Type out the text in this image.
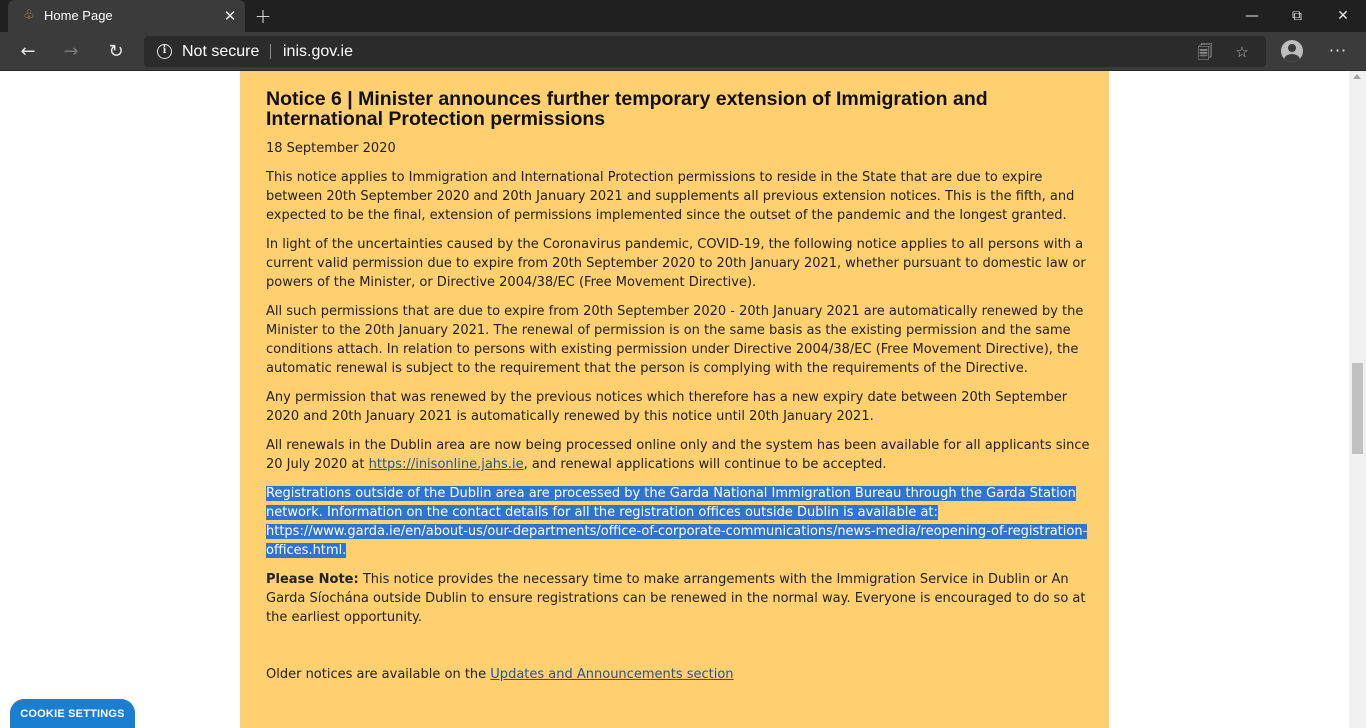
♧ Home Page	✕ +	—	⧉	✕
← → ↻	i Not secure inis.gov.ie	🗐 ☆	···
Notice 6 | Minister announces further temporary extension of Immigration and International Protection permissions

18 September 2020

This notice applies to Immigration and International Protection permissions to reside in the State that are due to expire between 20th September 2020 and 20th January 2021 and supplements all previous extension notices. This is the fifth, and expected to be the final, extension of permissions implemented since the outset of the pandemic and the longest granted.

In light of the uncertainties caused by the Coronavirus pandemic, COVID-19, the following notice applies to all persons with a current valid permission due to expire from 20th September 2020 to 20th January 2021, whether pursuant to domestic law or powers of the Minister, or Directive 2004/38/EC (Free Movement Directive).

All such permissions that are due to expire from 20th September 2020 - 20th January 2021 are automatically renewed by the Minister to the 20th January 2021. The renewal of permission is on the same basis as the existing permission and the same conditions attach. In relation to persons with existing permission under Directive 2004/38/EC (Free Movement Directive), the automatic renewal is subject to the requirement that the person is complying with the requirements of the Directive.

Any permission that was renewed by the previous notices which therefore has a new expiry date between 20th September 2020 and 20th January 2021 is automatically renewed by this notice until 20th January 2021.

All renewals in the Dublin area are now being processed online only and the system has been available for all applicants since 20 July 2020 at https://inisonline.jahs.ie, and renewal applications will continue to be accepted.

Registrations outside of the Dublin area are processed by the Garda National Immigration Bureau through the Garda Station network. Information on the contact details for all the registration offices outside Dublin is available at: https://www.garda.ie/en/about-us/our-departments/office-of-corporate-communications/news-media/reopening-of-registration-offices.html.

Please Note: This notice provides the necessary time to make arrangements with the Immigration Service in Dublin or An Garda Síochána outside Dublin to ensure registrations can be renewed in the normal way. Everyone is encouraged to do so at the earliest opportunity.

Older notices are available on the Updates and Announcements section

COOKIE SETTINGS
